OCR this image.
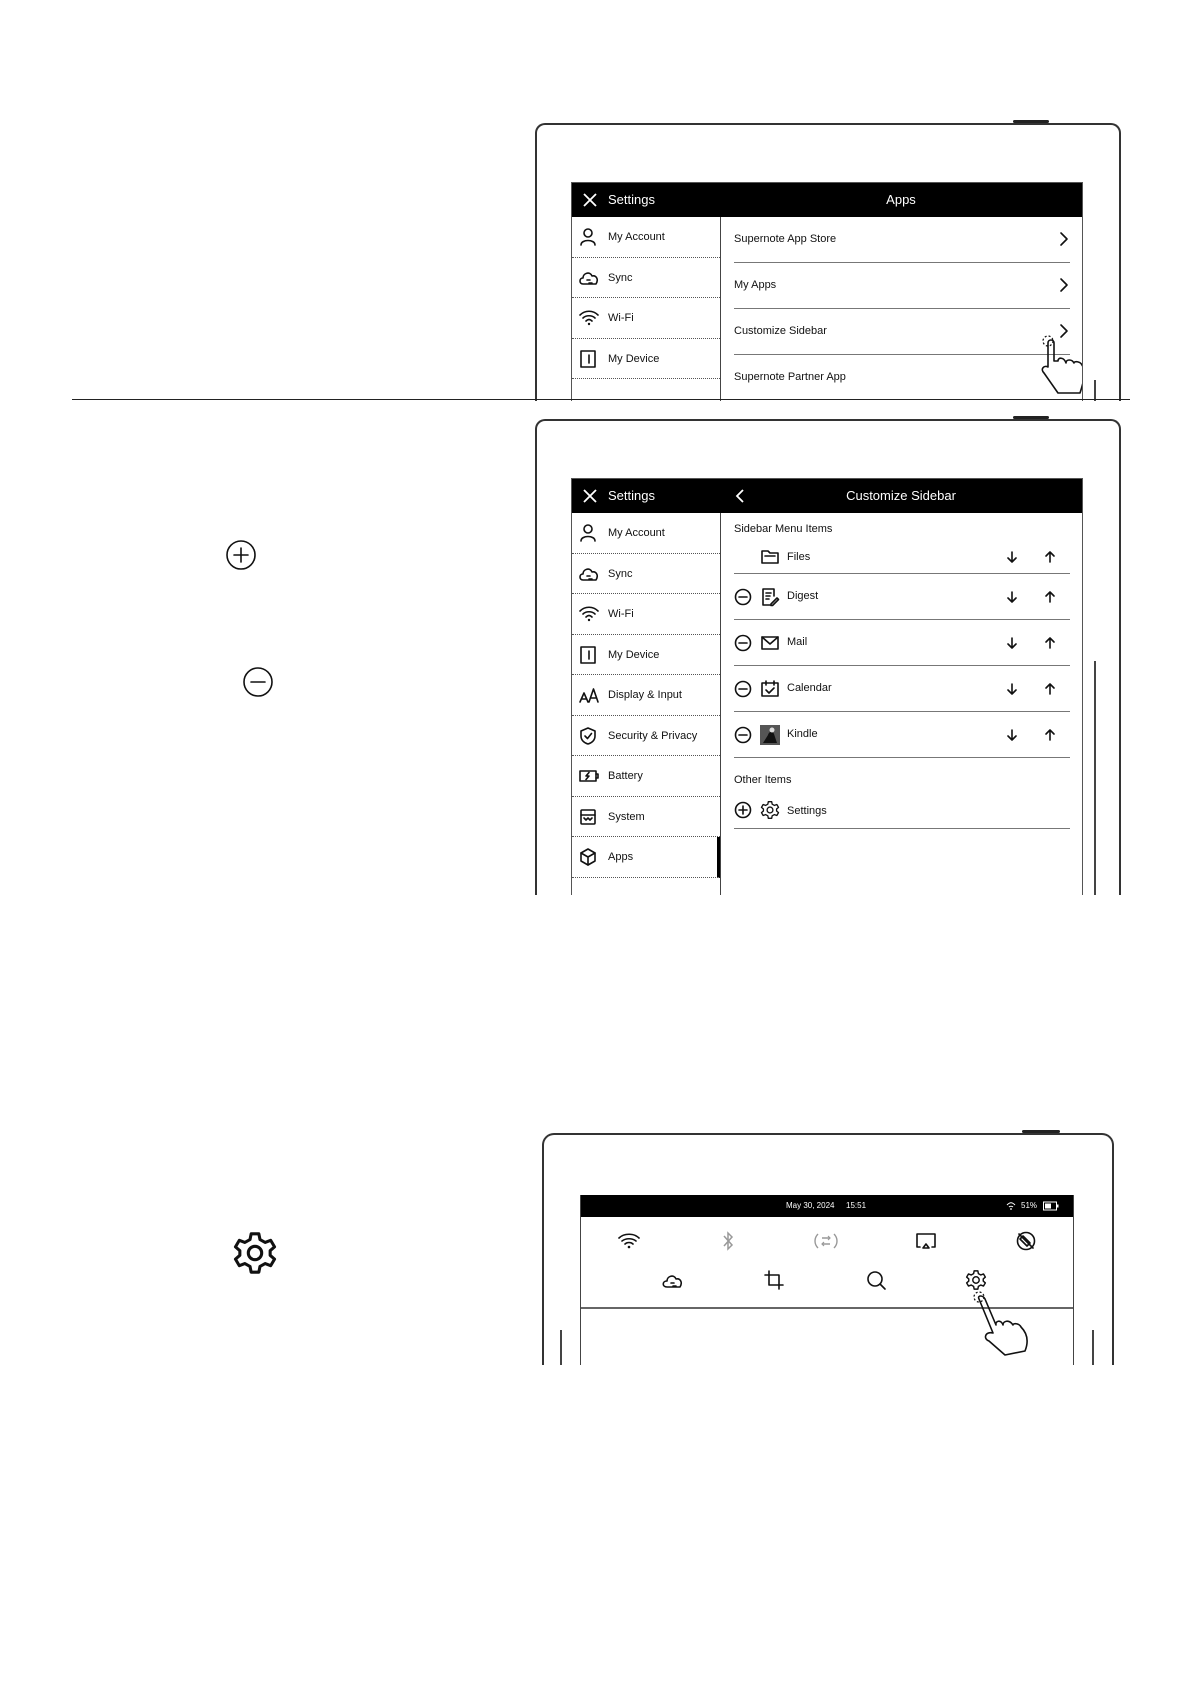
Settings	Apps
My Account
Sync
Wi-Fi
My Device
Supernote App Store
My Apps
Customize Sidebar
Supernote Partner App
Settings	Customize Sidebar
My Account
Sync
Wi-Fi
My Device
Display & Input
Security & Privacy
Battery
System
Apps
Sidebar Menu Items
Files
Digest
Mail
Calendar
Kindle
Other Items
Settings
May 30, 2024 15:51	51%
